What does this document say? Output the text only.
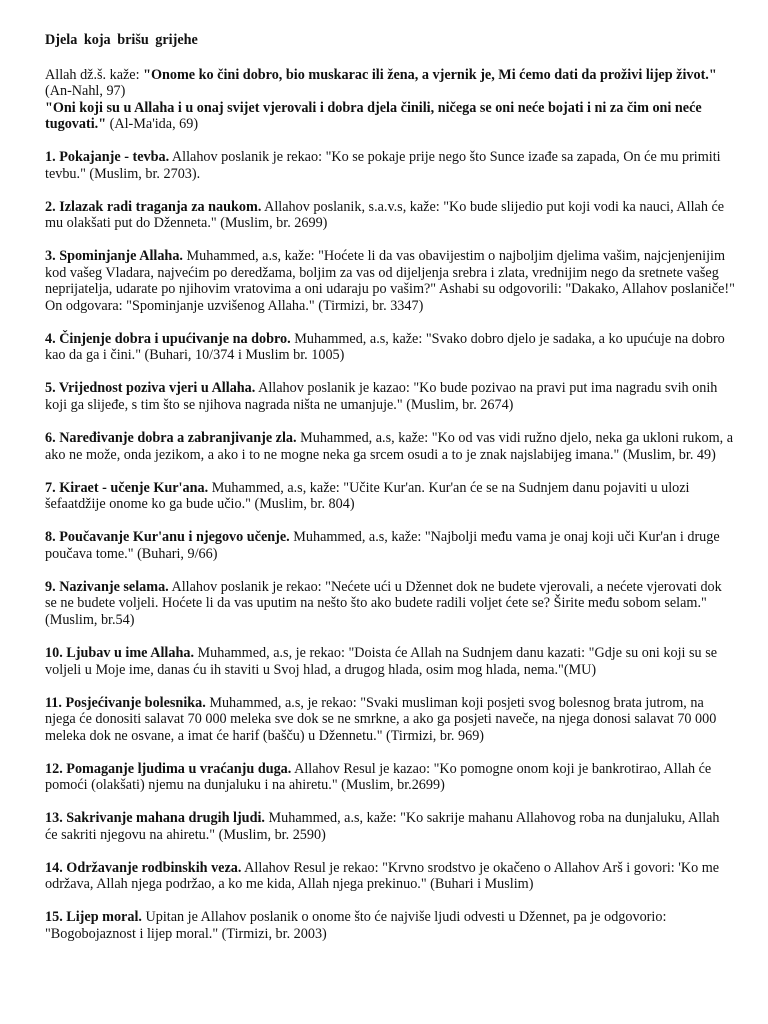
Djela koja brišu grijehe

Allah dž.š. kaže: "Onome ko čini dobro, bio muskarac ili žena, a vjernik je, Mi ćemo dati da proživi lijep život." (An-Nahl, 97)
"Oni koji su u Allaha i u onaj svijet vjerovali i dobra djela činili, ničega se oni neće bojati i ni za čim oni neće tugovati." (Al-Ma'ida, 69)

1. Pokajanje - tevba. Allahov poslanik je rekao: "Ko se pokaje prije nego što Sunce izađe sa zapada, On će mu primiti tevbu." (Muslim, br. 2703).

2. Izlazak radi traganja za naukom. Allahov poslanik, s.a.v.s, kaže: "Ko bude slijedio put koji vodi ka nauci, Allah će mu olakšati put do Dženneta." (Muslim, br. 2699)

3. Spominjanje Allaha. Muhammed, a.s, kaže: "Hoćete li da vas obavijestim o najboljim djelima vašim, najcjenjenijim kod vašeg Vladara, najvećim po deredžama, boljim za vas od dijeljenja srebra i zlata, vrednijim nego da sretnete vašeg neprijatelja, udarate po njihovim vratovima a oni udaraju po vašim?" Ashabi su odgovorili: "Dakako, Allahov poslaniče!" On odgovara: "Spominjanje uzvišenog Allaha." (Tirmizi, br. 3347)

4. Činjenje dobra i upućivanje na dobro. Muhammed, a.s, kaže: "Svako dobro djelo je sadaka, a ko upućuje na dobro kao da ga i čini." (Buhari, 10/374 i Muslim br. 1005)

5. Vrijednost poziva vjeri u Allaha. Allahov poslanik je kazao: "Ko bude pozivao na pravi put ima nagradu svih onih koji ga slijeđe, s tim što se njihova nagrada ništa ne umanjuje." (Muslim, br. 2674)

6. Naređivanje dobra a zabranjivanje zla. Muhammed, a.s, kaže: "Ko od vas vidi ružno djelo, neka ga ukloni rukom, a ako ne može, onda jezikom, a ako i to ne mogne neka ga srcem osudi a to je znak najslabijeg imana." (Muslim, br. 49)

7. Kiraet - učenje Kur'ana. Muhammed, a.s, kaže: "Učite Kur'an. Kur'an će se na Sudnjem danu pojaviti u ulozi šefaatdžije onome ko ga bude učio." (Muslim, br. 804)

8. Poučavanje Kur'anu i njegovo učenje. Muhammed, a.s, kaže: "Najbolji među vama je onaj koji uči Kur'an i druge poučava tome." (Buhari, 9/66)

9. Nazivanje selama. Allahov poslanik je rekao: "Nećete ući u Džennet dok ne budete vjerovali, a nećete vjerovati dok se ne budete volјeli. Hoćete li da vas uputim na nešto što ako budete radili voljet ćete se? Širite među sobom selam."(Muslim, br.54)

10. Ljubav u ime Allaha. Muhammed, a.s, je rekao: "Doista će Allah na Sudnjem danu kazati: "Gdje su oni koji su se voljeli u Moje ime, danas ću ih staviti u Svoj hlad, a drugog hlada, osim mog hlada, nema."(MU)

11. Posjećivanje bolesnika. Muhammed, a.s, je rekao: "Svaki musliman koji posjeti svog bolesnog brata jutrom, na njega će donositi salavat 70 000 meleka sve dok se ne smrkne, a ako ga posjeti naveče, na njega donosi salavat 70 000 meleka dok ne osvane, a imat će harif (bašču) u Džennetu." (Tirmizi, br. 969)

12. Pomaganje ljudima u vraćanju duga. Allahov Resul je kazao: "Ko pomogne onom koji je bankrotirao, Allah će pomoći (olakšati) njemu na dunjaluku i na ahiretu." (Muslim, br.2699)

13. Sakrivanje mahana drugih ljudi. Muhammed, a.s, kaže: "Ko sakrije mahanu Allahovog roba na dunjaluku, Allah će sakriti njegovu na ahiretu." (Muslim, br. 2590)

14. Održavanje rodbinskih veza. Allahov Resul je rekao: "Krvno srodstvo je okačeno o Allahov Arš i govori: 'Ko me održava, Allah njega podržao, a ko me kida, Allah njega prekinuo." (Buhari i Muslim)

15. Lijep moral. Upitan je Allahov poslanik o onome što će najviše ljudi odvesti u Džennet, pa je odgovorio: "Bogobojaznost i lijep moral." (Tirmizi, br. 2003)
